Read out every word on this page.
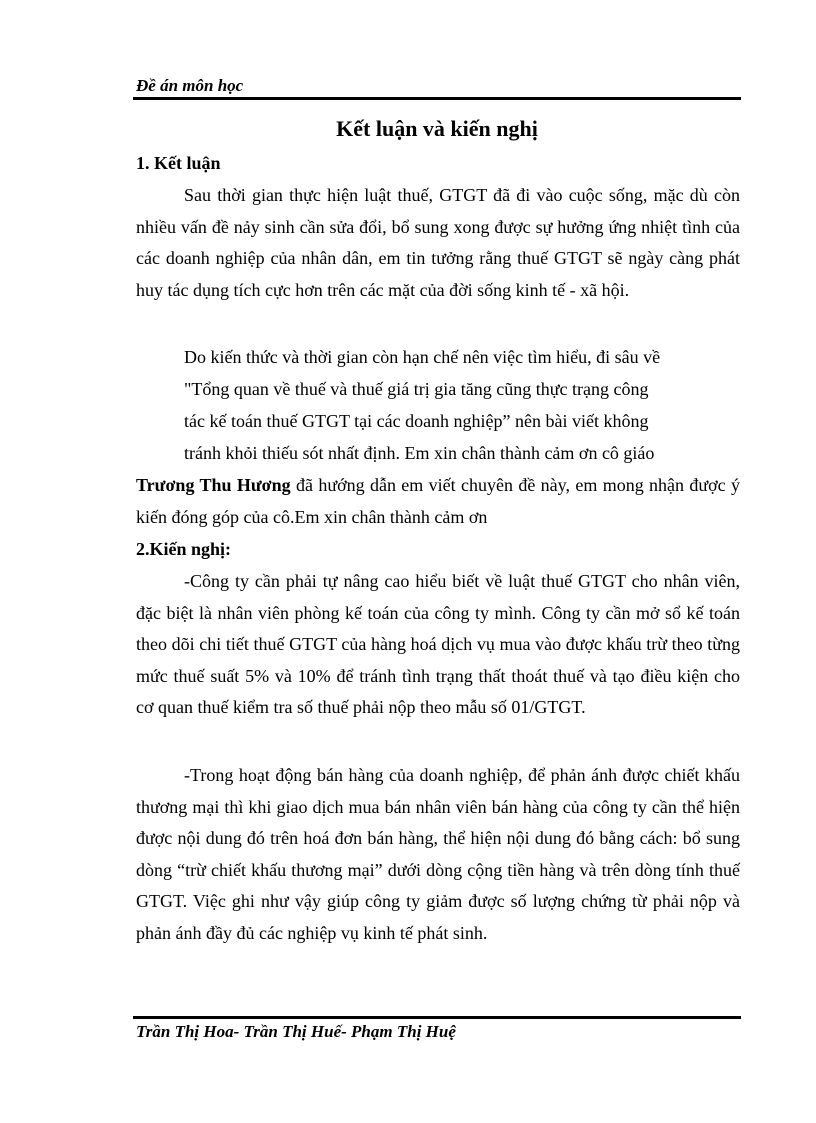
Đề án môn học
Kết luận và kiến nghị
1. Kết luận

Sau thời gian thực hiện luật thuế, GTGT đã đi vào cuộc sống, mặc dù còn nhiều vấn đề nảy sinh cần sửa đổi, bổ sung xong được sự hưởng ứng nhiệt tình của các doanh nghiệp của nhân dân, em tin tưởng rằng thuế GTGT sẽ ngày càng phát huy tác dụng tích cực hơn trên các mặt của đời sống kinh tế - xã hội.

Do kiến thức và thời gian còn hạn chế nên việc tìm hiểu, đi sâu về

"Tổng quan về thuế và thuế giá trị gia tăng cũng thực trạng công

tác kế toán thuế GTGT tại các doanh nghiệp” nên bài viết không

tránh khỏi thiếu sót nhất định. Em xin chân thành cảm ơn cô giáo

Trương Thu Hương đã hướng dẫn em viết chuyên đề này, em mong nhận được ý kiến đóng góp của cô.Em xin chân thành cảm ơn

2.Kiến nghị:

-Công ty cần phải tự nâng cao hiểu biết về luật thuế GTGT cho nhân viên, đặc biệt là nhân viên phòng kế toán của công ty mình. Công ty cần mở sổ kế toán theo dõi chi tiết thuế GTGT của hàng hoá dịch vụ mua vào được khấu trừ theo từng mức thuế suất 5% và 10% để tránh tình trạng thất thoát thuế và tạo điều kiện cho cơ quan thuế kiểm tra số thuế phải nộp theo mẫu số 01/GTGT.

-Trong hoạt động bán hàng của doanh nghiệp, để phản ánh được chiết khấu thương mại thì khi giao dịch mua bán nhân viên bán hàng của công ty cần thể hiện được nội dung đó trên hoá đơn bán hàng, thể hiện nội dung đó bằng cách: bổ sung dòng “trừ chiết khấu thương mại” dưới dòng cộng tiền hàng và trên dòng tính thuế GTGT. Việc ghi như vậy giúp công ty giảm được số lượng chứng từ phải nộp và phản ánh đầy đủ các nghiệp vụ kinh tế phát sinh.

Trần Thị Hoa- Trần Thị Huế- Phạm Thị Huệ
